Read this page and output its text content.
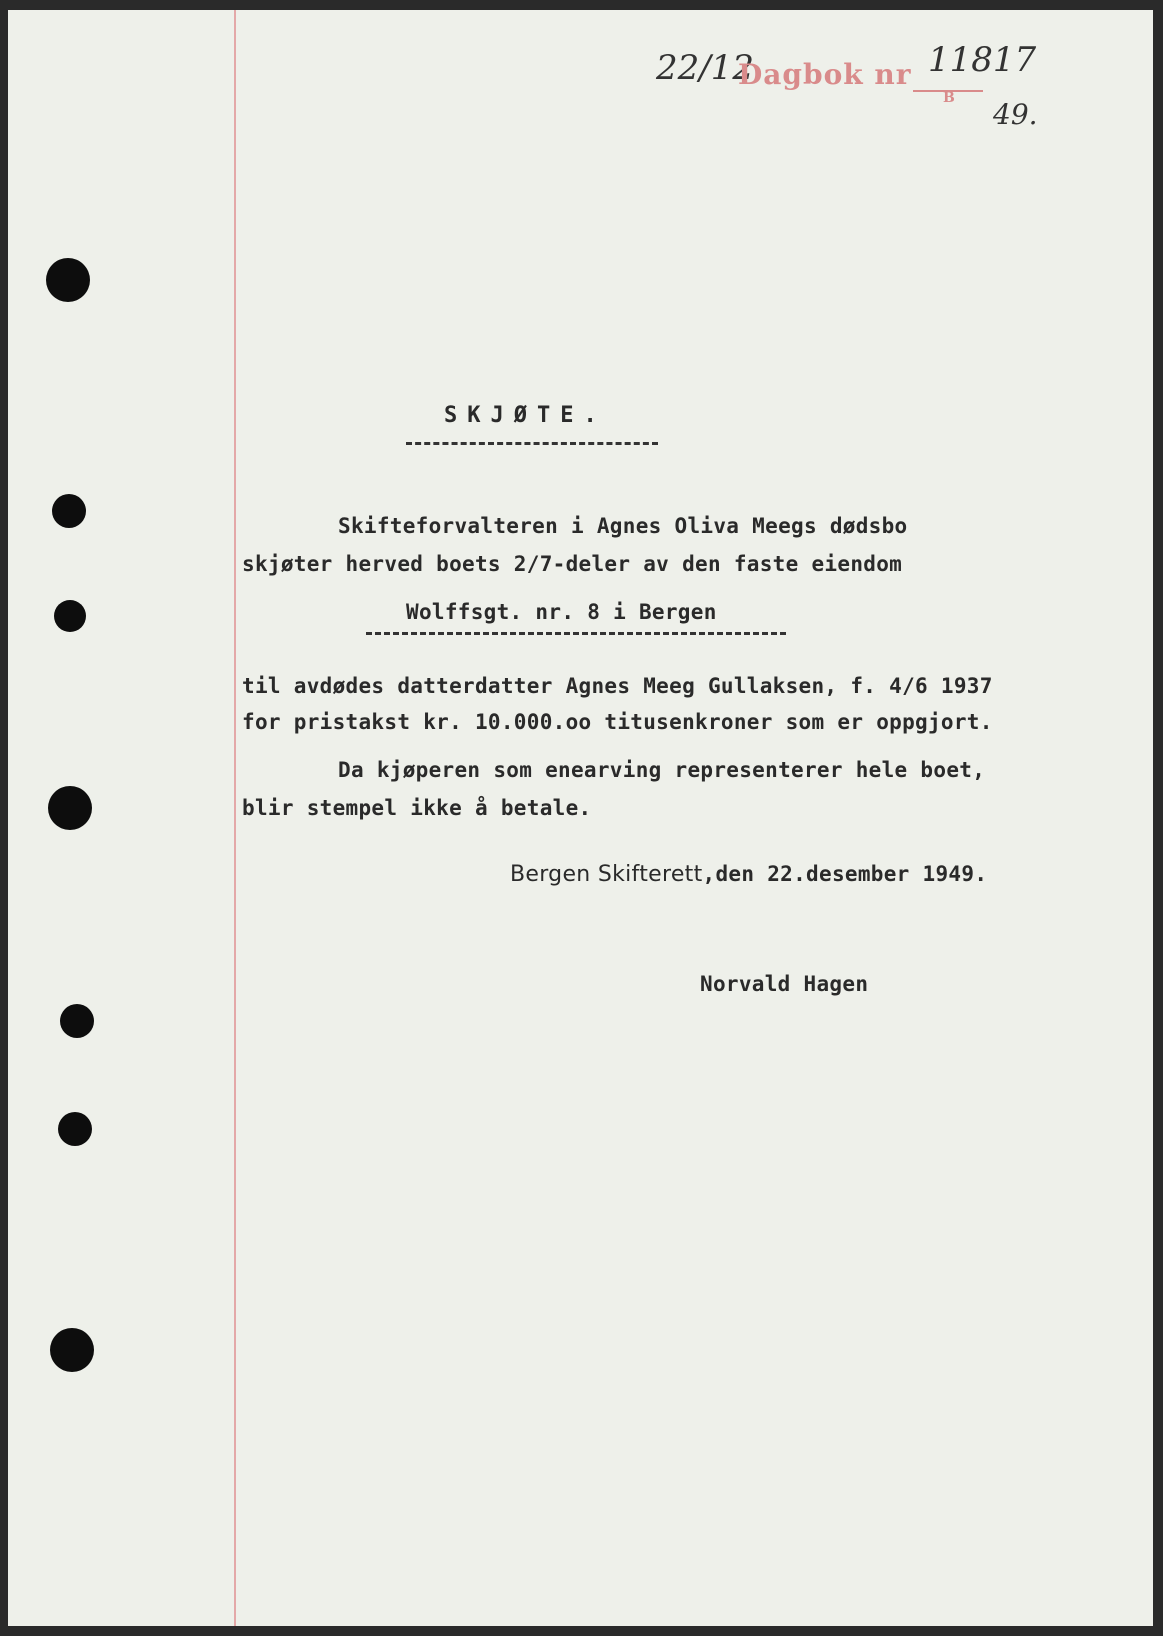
22/12
Dagbok nr 11817
B 49.
SKJØTE.
Skifteforvalteren i Agnes Oliva Meegs dødsbo
skjøter herved boets 2/7-deler av den faste eiendom
Wolffsgt. nr. 8 i Bergen
til avdødes datterdatter Agnes Meeg Gullaksen, f. 4/6 1937
for pristakst kr. 10.000.oo titusenkroner som er oppgjort.
Da kjøperen som enearving representerer hele boet,
blir stempel ikke å betale.
Bergen Skifterett,den 22.desember 1949.
Norvald Hagen
